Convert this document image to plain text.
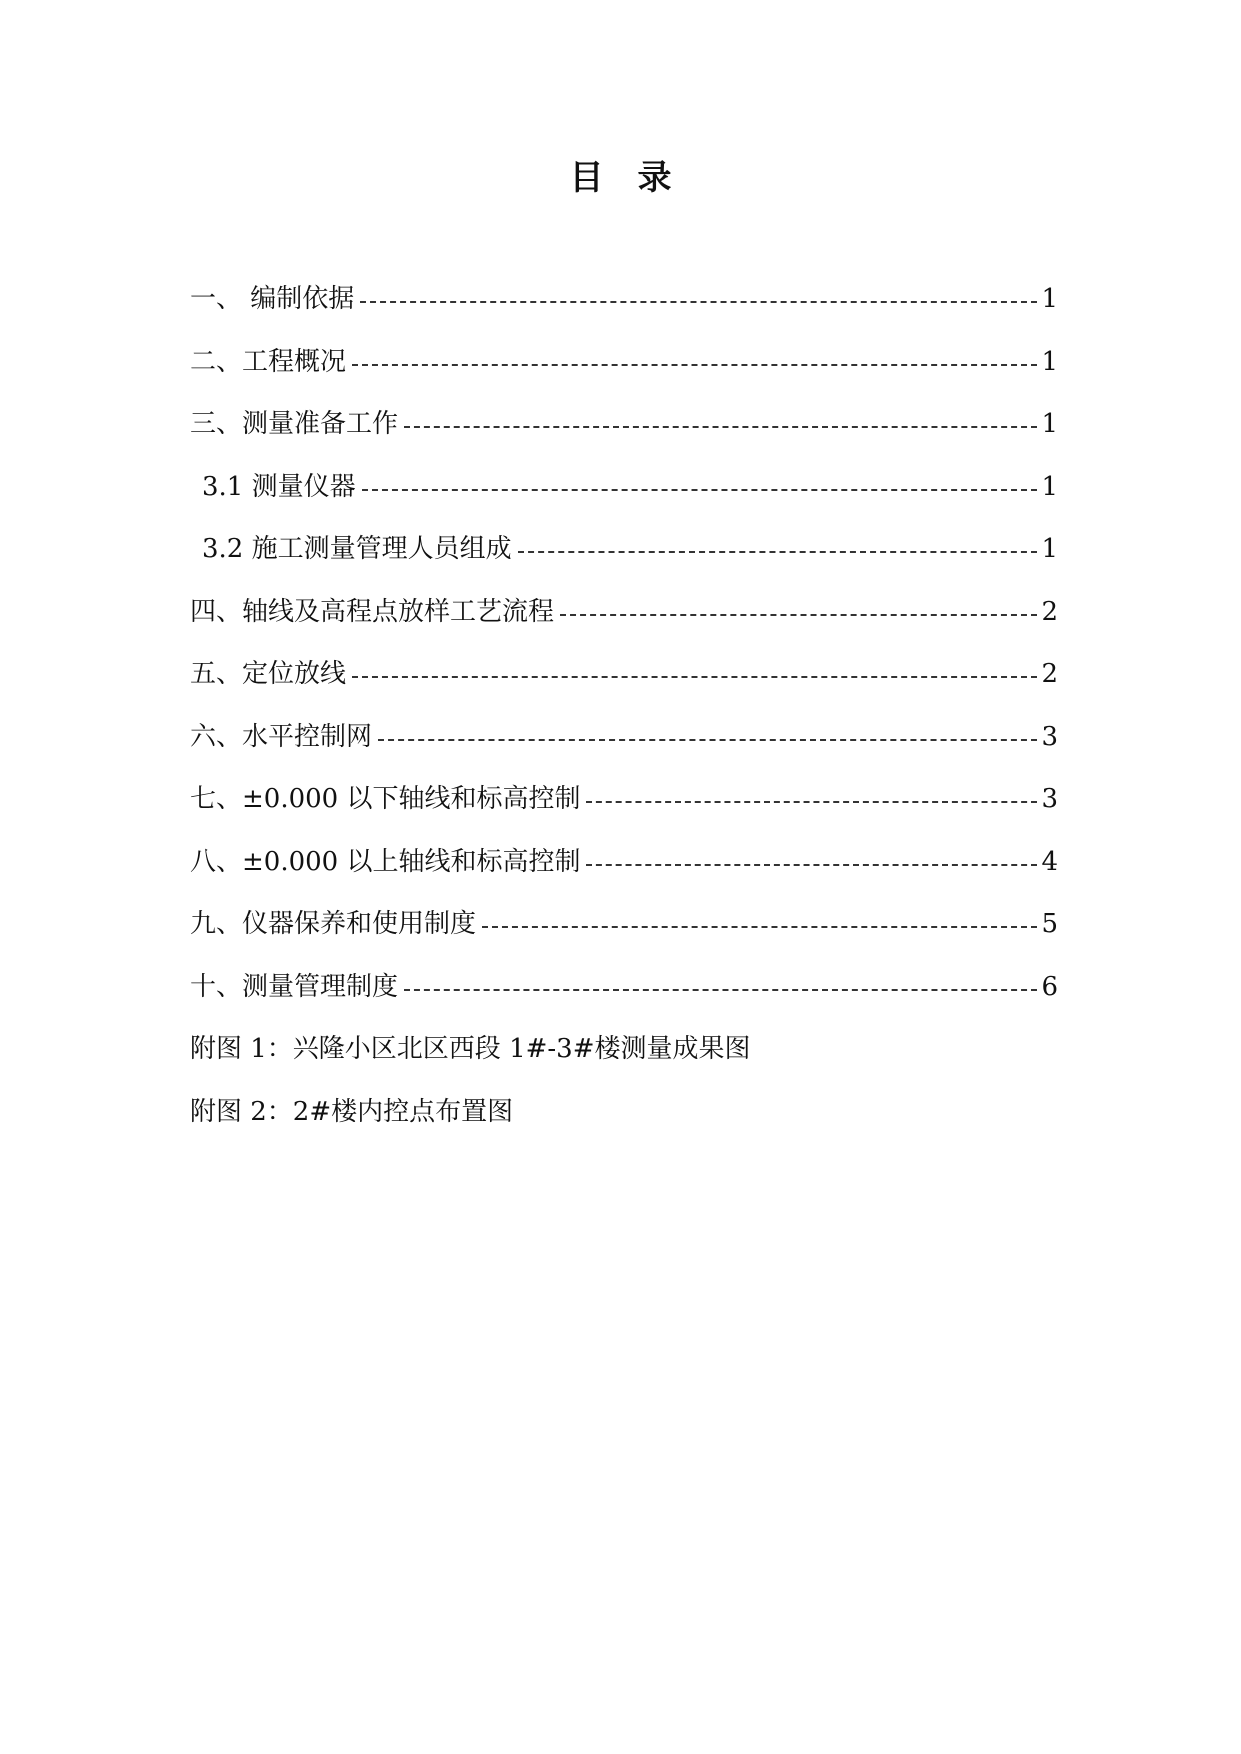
目录
一、 编制依据	1
二、工程概况	1
三、测量准备工作	1
3.1 测量仪器	1
3.2 施工测量管理人员组成	1
四、轴线及高程点放样工艺流程	2
五、定位放线	2
六、水平控制网	3
七、±0.000 以下轴线和标高控制	3
八、±0.000 以上轴线和标高控制	4
九、仪器保养和使用制度	5
十、测量管理制度	6
附图 1：兴隆小区北区西段 1#-3#楼测量成果图
附图 2：2#楼内控点布置图
